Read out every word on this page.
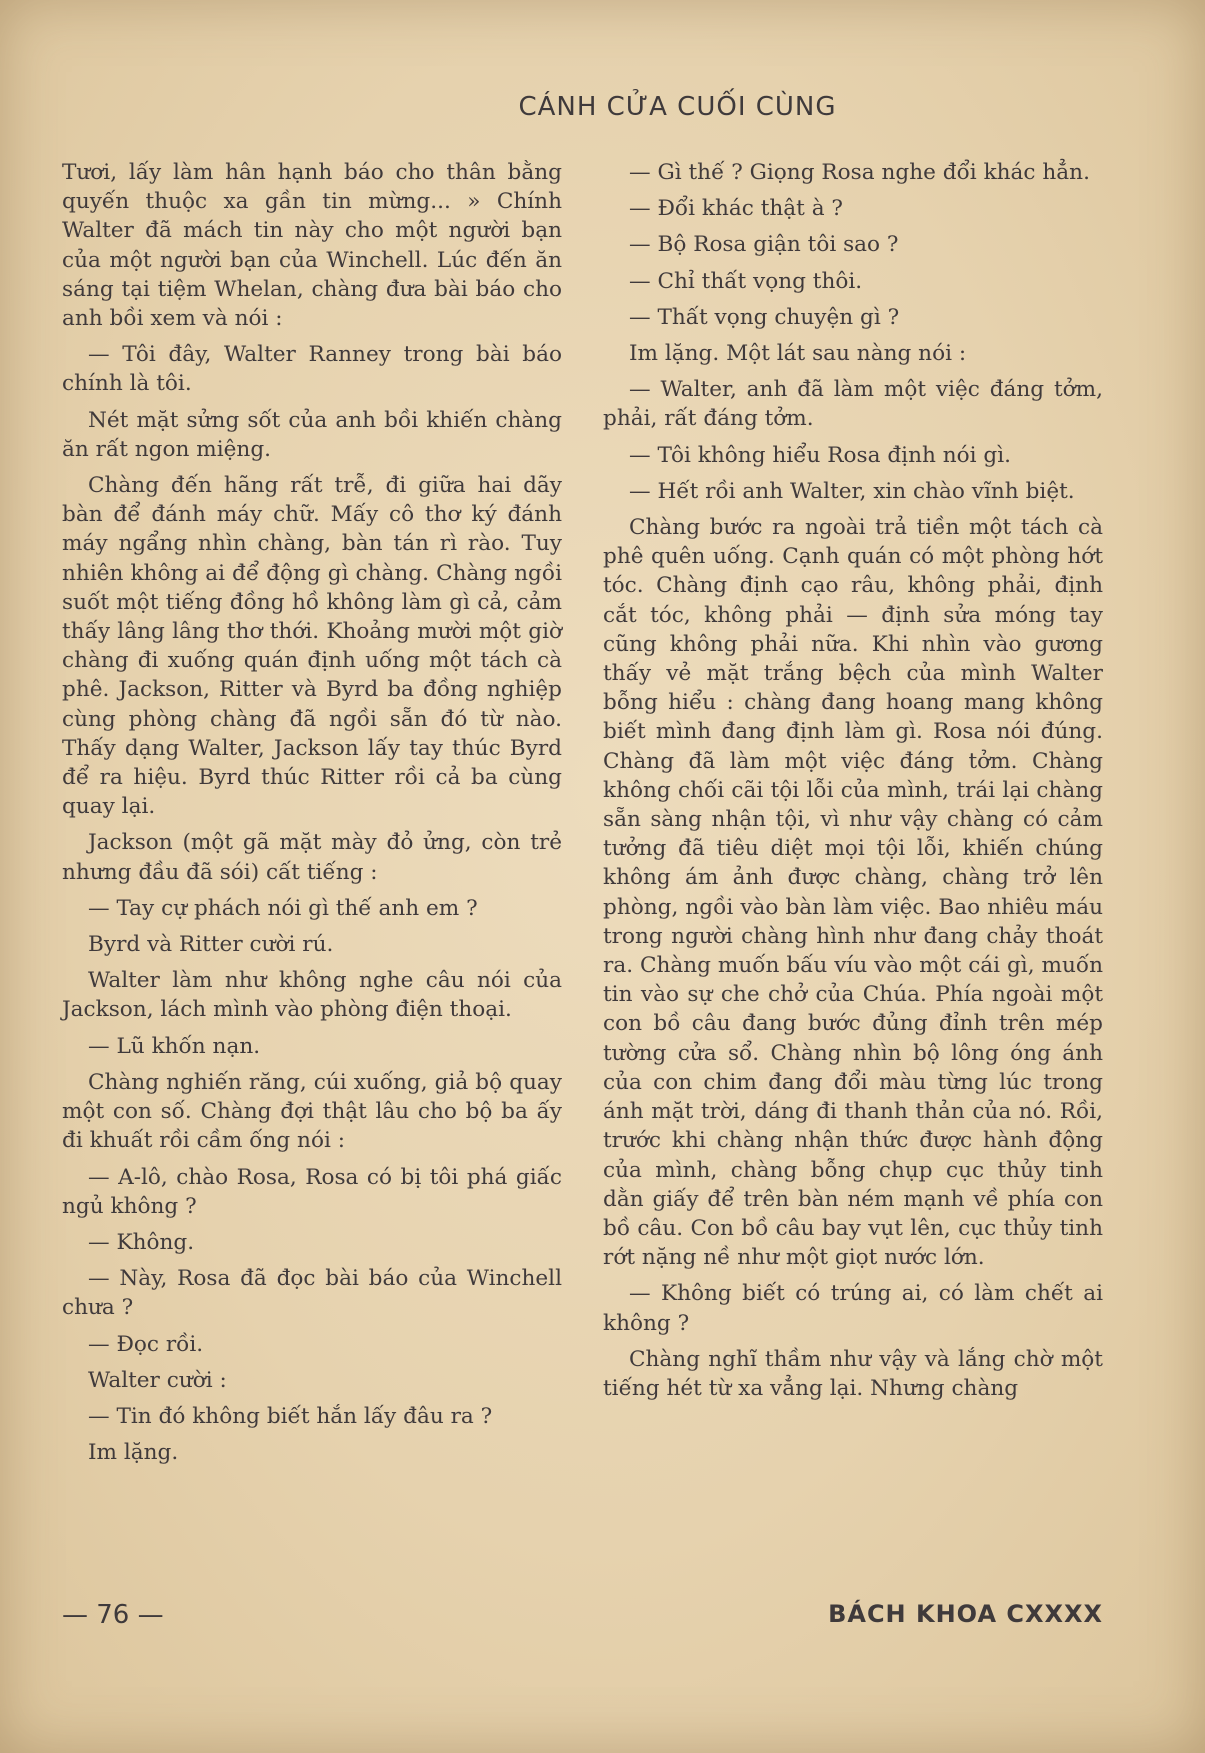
CÁNH CỬA CUỐI CÙNG

Tươi, lấy làm hân hạnh báo cho thân bằng quyến thuộc xa gần tin mừng... » Chính Walter đã mách tin này cho một người bạn của một người bạn của Winchell. Lúc đến ăn sáng tại tiệm Whelan, chàng đưa bài báo cho anh bồi xem và nói :

— Tôi đây, Walter Ranney trong bài báo chính là tôi.

Nét mặt sửng sốt của anh bồi khiến chàng ăn rất ngon miệng.

Chàng đến hãng rất trễ, đi giữa hai dãy bàn để đánh máy chữ. Mấy cô thơ ký đánh máy ngẩng nhìn chàng, bàn tán rì rào. Tuy nhiên không ai để động gì chàng. Chàng ngồi suốt một tiếng đồng hồ không làm gì cả, cảm thấy lâng lâng thơ thới. Khoảng mười một giờ chàng đi xuống quán định uống một tách cà phê. Jackson, Ritter và Byrd ba đồng nghiệp cùng phòng chàng đã ngồi sẵn đó từ nào. Thấy dạng Walter, Jackson lấy tay thúc Byrd để ra hiệu. Byrd thúc Ritter rồi cả ba cùng quay lại.

Jackson (một gã mặt mày đỏ ửng, còn trẻ nhưng đầu đã sói) cất tiếng :

— Tay cự phách nói gì thế anh em ?

Byrd và Ritter cười rú.

Walter làm như không nghe câu nói của Jackson, lách mình vào phòng điện thoại.

— Lũ khốn nạn.

Chàng nghiến răng, cúi xuống, giả bộ quay một con số. Chàng đợi thật lâu cho bộ ba ấy đi khuất rồi cầm ống nói :

— A-lô, chào Rosa, Rosa có bị tôi phá giấc ngủ không ?

— Không.

— Này, Rosa đã đọc bài báo của Winchell chưa ?

— Đọc rồi.

Walter cười :

— Tin đó không biết hắn lấy đâu ra ?

Im lặng.

— Gì thế ? Giọng Rosa nghe đổi khác hẳn.

— Đổi khác thật à ?

— Bộ Rosa giận tôi sao ?

— Chỉ thất vọng thôi.

— Thất vọng chuyện gì ?

Im lặng. Một lát sau nàng nói :

— Walter, anh đã làm một việc đáng tởm, phải, rất đáng tởm.

— Tôi không hiểu Rosa định nói gì.

— Hết rồi anh Walter, xin chào vĩnh biệt.

Chàng bước ra ngoài trả tiền một tách cà phê quên uống. Cạnh quán có một phòng hớt tóc. Chàng định cạo râu, không phải, định cắt tóc, không phải — định sửa móng tay cũng không phải nữa. Khi nhìn vào gương thấy vẻ mặt trắng bệch của mình Walter bỗng hiểu : chàng đang hoang mang không biết mình đang định làm gì. Rosa nói đúng. Chàng đã làm một việc đáng tởm. Chàng không chối cãi tội lỗi của mình, trái lại chàng sẵn sàng nhận tội, vì như vậy chàng có cảm tưởng đã tiêu diệt mọi tội lỗi, khiến chúng không ám ảnh được chàng, chàng trở lên phòng, ngồi vào bàn làm việc. Bao nhiêu máu trong người chàng hình như đang chảy thoát ra. Chàng muốn bấu víu vào một cái gì, muốn tin vào sự che chở của Chúa. Phía ngoài một con bồ câu đang bước đủng đỉnh trên mép tường cửa sổ. Chàng nhìn bộ lông óng ánh của con chim đang đổi màu từng lúc trong ánh mặt trời, dáng đi thanh thản của nó. Rồi, trước khi chàng nhận thức được hành động của mình, chàng bỗng chụp cục thủy tinh dằn giấy để trên bàn ném mạnh về phía con bồ câu. Con bồ câu bay vụt lên, cục thủy tinh rớt nặng nề như một giọt nước lớn.

— Không biết có trúng ai, có làm chết ai không ?

Chàng nghĩ thầm như vậy và lắng chờ một tiếng hét từ xa vẳng lại. Nhưng chàng

— 76 —	BÁCH KHOA CXXXX
